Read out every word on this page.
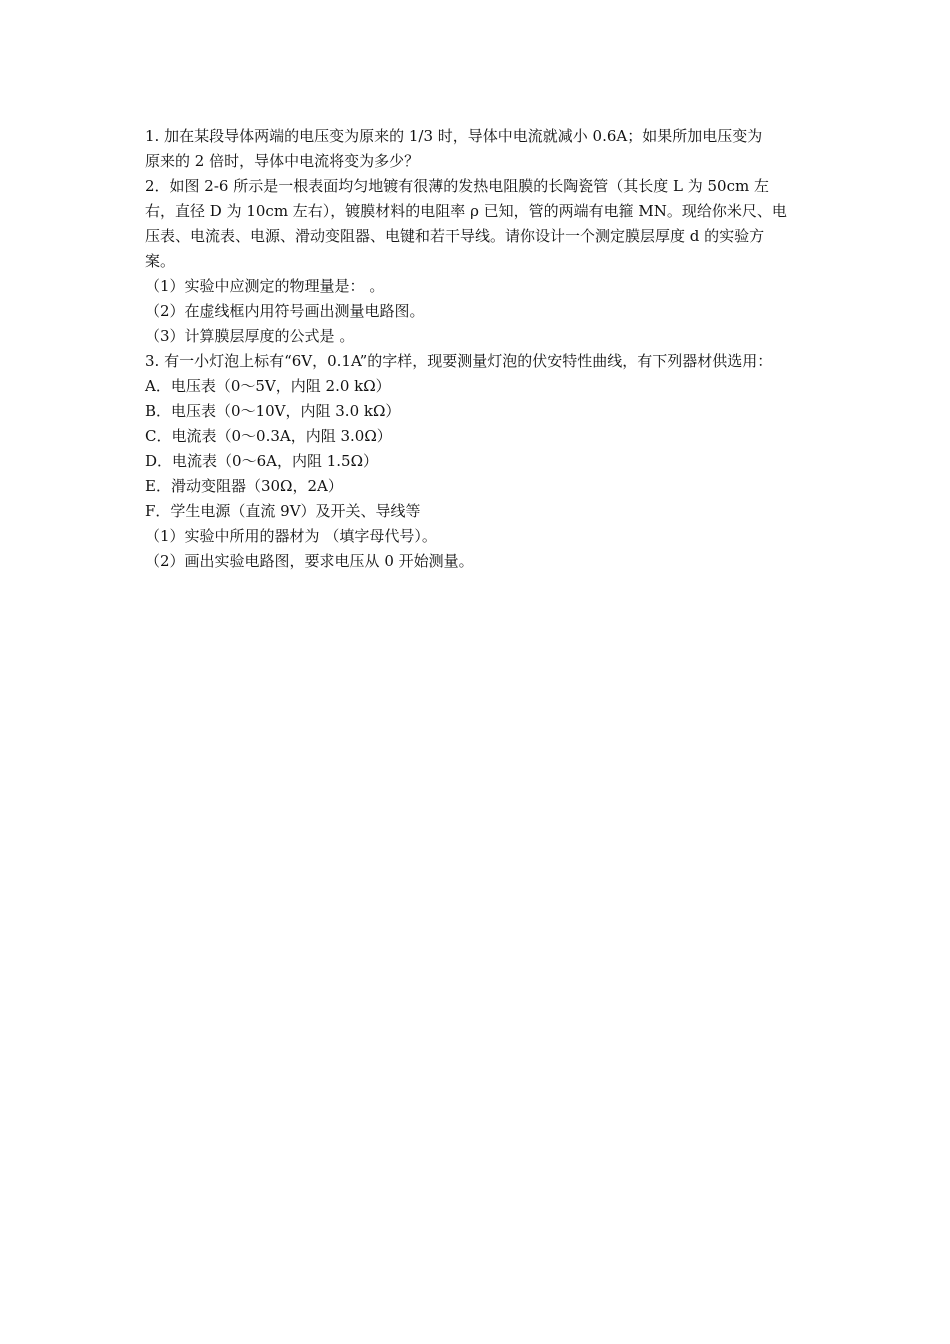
1. 加在某段导体两端的电压变为原来的 1/3 时，导体中电流就减小 0.6A；如果所加电压变为
原来的 2 倍时，导体中电流将变为多少？
2．如图 2-6 所示是一根表面均匀地镀有很薄的发热电阻膜的长陶瓷管（其长度 L 为 50cm 左
右，直径 D 为 10cm 左右），镀膜材料的电阻率 ρ 已知，管的两端有电箍 MN。现给你米尺、电
压表、电流表、电源、滑动变阻器、电键和若干导线。请你设计一个测定膜层厚度 d 的实验方
案。
（1）实验中应测定的物理量是： 。
（2）在虚线框内用符号画出测量电路图。
（3）计算膜层厚度的公式是 。
3. 有一小灯泡上标有“6V，0.1A”的字样，现要测量灯泡的伏安特性曲线，有下列器材供选用：
A．电压表（0～5V，内阻 2.0 kΩ）
B．电压表（0～10V，内阻 3.0 kΩ）
C．电流表（0～0.3A，内阻 3.0Ω）
D．电流表（0～6A，内阻 1.5Ω）
E．滑动变阻器（30Ω，2A）
F．学生电源（直流 9V）及开关、导线等
（1）实验中所用的器材为 （填字母代号）。
（2）画出实验电路图，要求电压从 0 开始测量。
